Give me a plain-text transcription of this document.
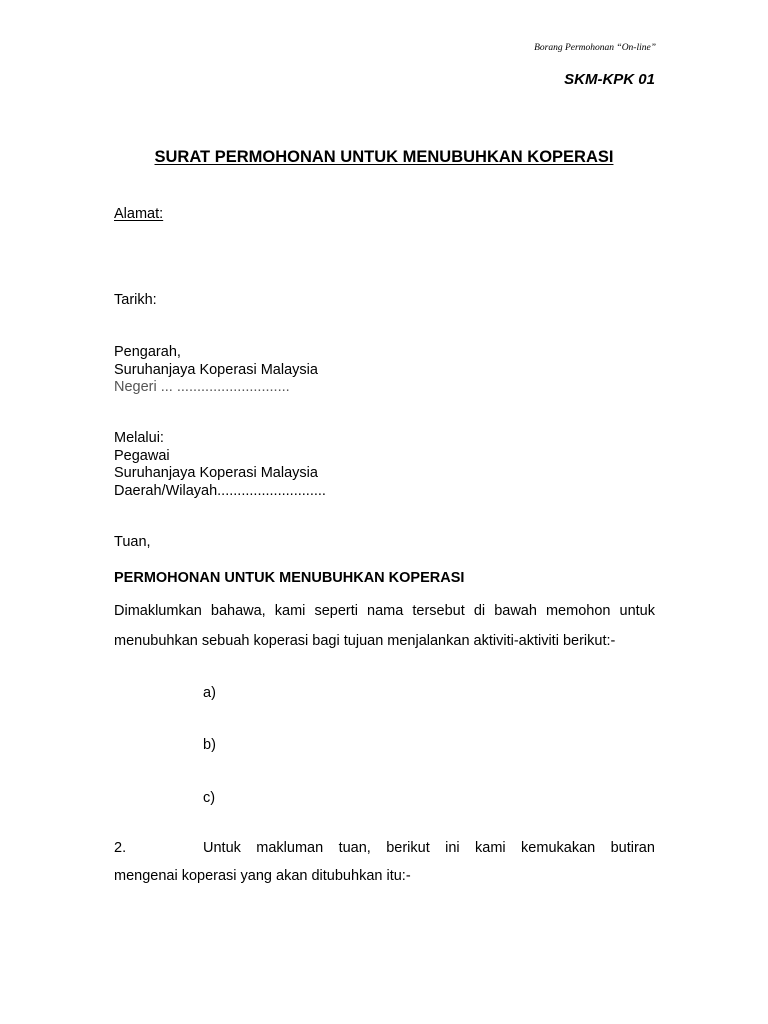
Borang Permohonan “On-line”
SKM-KPK 01
SURAT PERMOHONAN UNTUK MENUBUHKAN KOPERASI
Alamat:
Tarikh:
Pengarah,
Suruhanjaya Koperasi Malaysia
Negeri ... ............................
Melalui:
Pegawai
Suruhanjaya Koperasi Malaysia
Daerah/Wilayah...........................
Tuan,
PERMOHONAN UNTUK MENUBUHKAN KOPERASI
Dimaklumkan bahawa, kami seperti nama tersebut di bawah memohon untuk menubuhkan sebuah koperasi bagi tujuan menjalankan aktiviti-aktiviti berikut:-
a)
b)
c)
2.	Untuk makluman tuan, berikut ini kami kemukakan butiran
mengenai koperasi yang akan ditubuhkan itu:-
